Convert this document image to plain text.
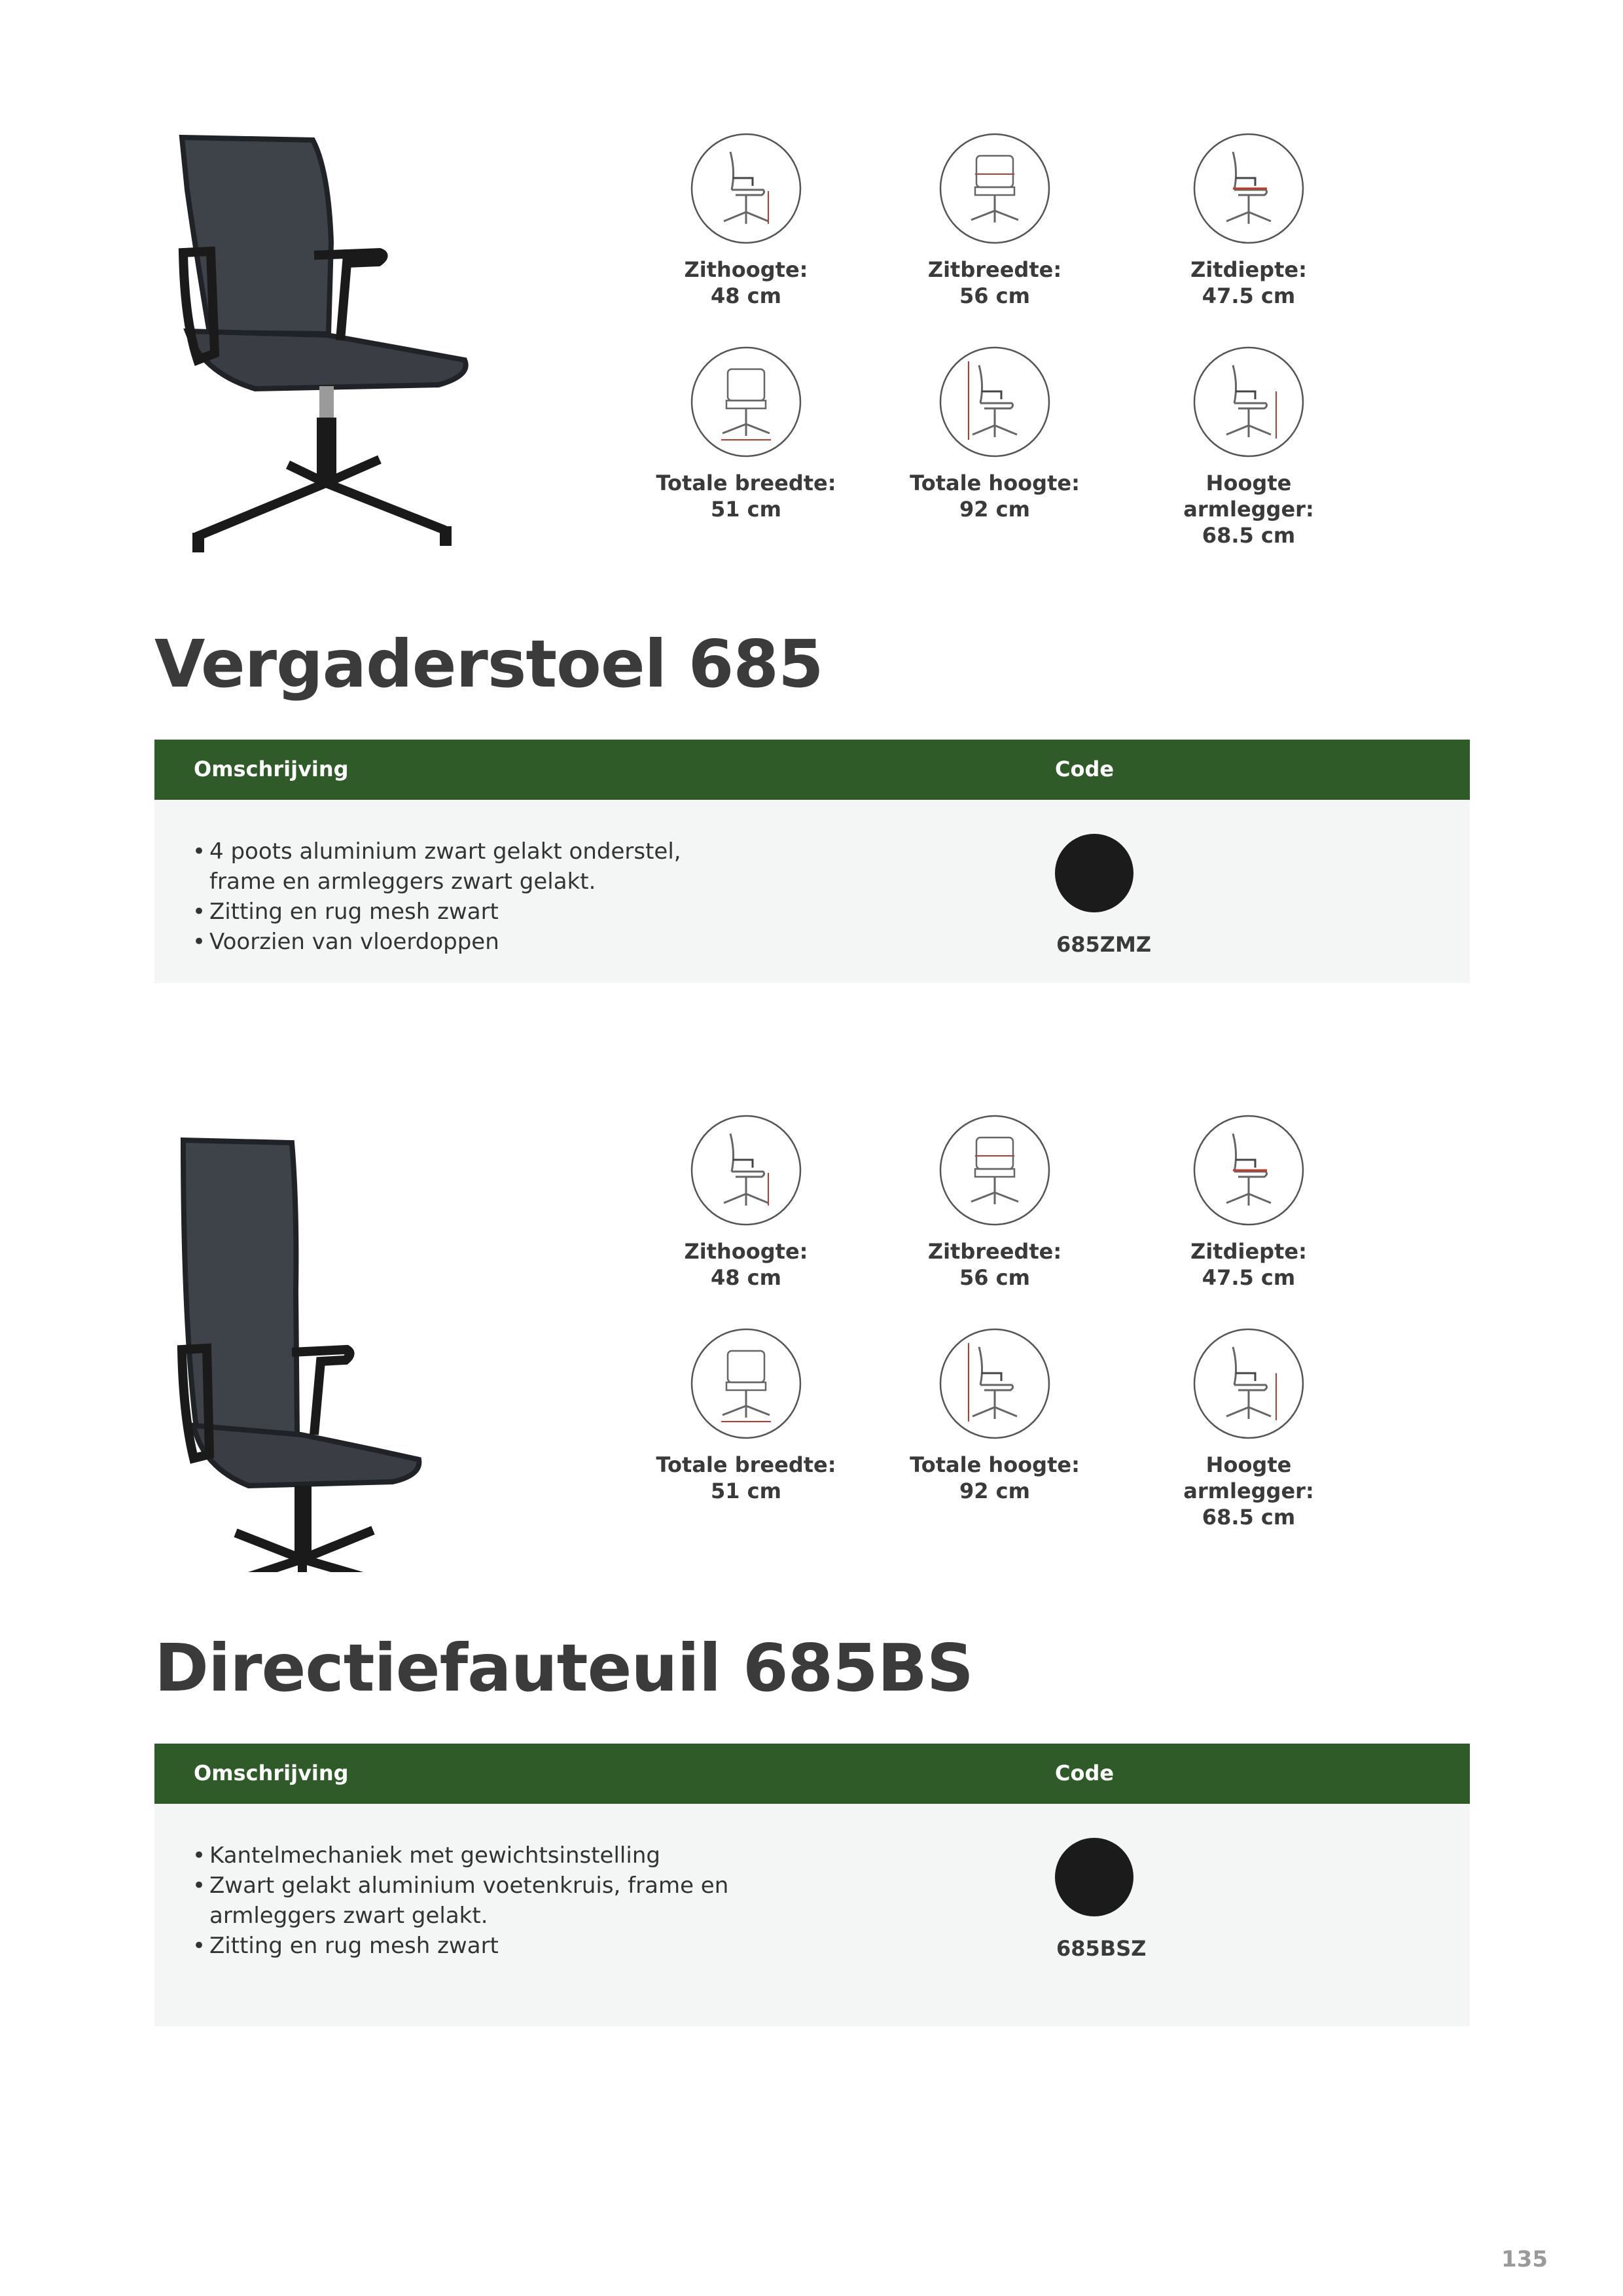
Zithoogte:
48 cm
Zitbreedte:
56 cm
Zitdiepte:
47.5 cm
Totale breedte:
51 cm
Totale hoogte:
92 cm
Hoogte armlegger:
68.5 cm
Vergaderstoel 685
Omschrijving	Code
• 4 poots aluminium zwart gelakt onderstel,
frame en armleggers zwart gelakt.
• Zitting en rug mesh zwart
• Voorzien van vloerdoppen	685ZMZ
Zithoogte:
48 cm
Zitbreedte:
56 cm
Zitdiepte:
47.5 cm
Totale breedte:
51 cm
Totale hoogte:
92 cm
Hoogte armlegger:
68.5 cm
Directiefauteuil 685BS
Omschrijving	Code
• Kantelmechaniek met gewichtsinstelling
• Zwart gelakt aluminium voetenkruis, frame en
armleggers zwart gelakt.
• Zitting en rug mesh zwart	685BSZ
135
